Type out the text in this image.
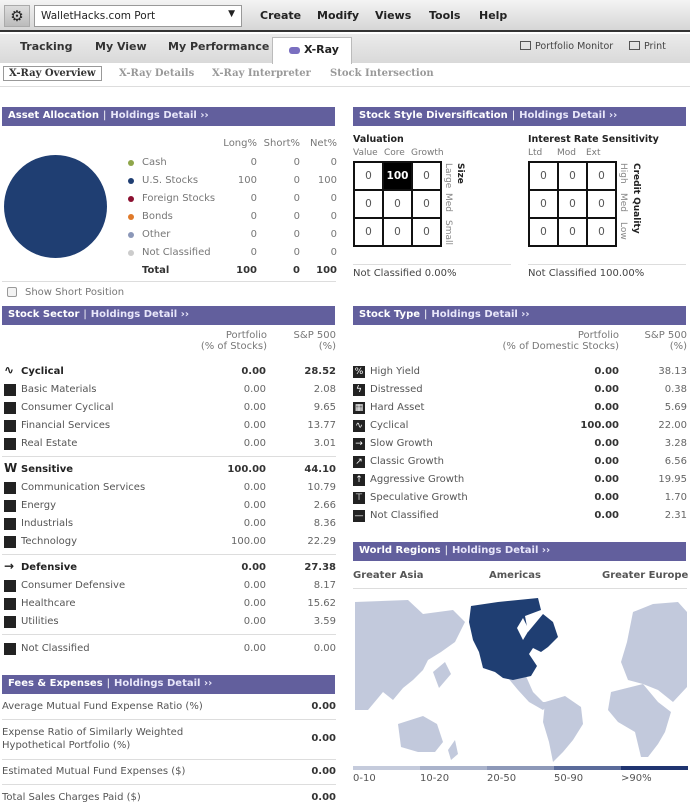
⚙	WalletHacks.com Port	▼ Create Modify Views Tools Help
Tracking My View My Performance	X-Ray	Portfolio Monitor	Print
X-Ray Overview	X-Ray Details X-Ray Interpreter Stock Intersection
Asset Allocation | Holdings Detail ››
Long% Short% Net%
Cash	0	0	0
U.S. Stocks	100	0	100
Foreign Stocks	0	0	0
Bonds	0	0	0
Other	0	0	0
Not Classified	0	0	0
Total	100	0	100
Show Short Position
Stock Style Diversification | Holdings Detail ››
Valuation
Value Core Growth
0	100	0
0	0	0
0	0	0
Large
Med
Small
Size
Not Classified 0.00%
Interest Rate Sensitivity
Ltd Mod Ext
0	0	0
0	0	0
0	0	0
High
Med
Low Credit Quality
Not Classified 100.00%
Stock Sector | Holdings Detail ››
Portfolio
(% of Stocks)
S&P 500
(%)
∿ Cyclical	0.00	28.52
Basic Materials	0.00	2.08
Consumer Cyclical	0.00	9.65
Financial Services	0.00	13.77
Real Estate	0.00	3.01
W Sensitive	100.00	44.10
Communication Services	0.00	10.79
Energy	0.00	2.66
Industrials	0.00	8.36
Technology	100.00	22.29
→ Defensive	0.00	27.38
Consumer Defensive	0.00	8.17
Healthcare	0.00	15.62
Utilities	0.00	3.59
Not Classified	0.00	0.00
Fees & Expenses | Holdings Detail ››
Average Mutual Fund Expense Ratio (%)	0.00
Expense Ratio of Similarly Weighted Hypothetical Portfolio (%)
0.00
Estimated Mutual Fund Expenses ($)	0.00
Total Sales Charges Paid ($)	0.00
Stock Type | Holdings Detail ››
Portfolio
(% of Domestic Stocks)
S&P 500
(%)
% High Yield	0.00	38.13
ϟ Distressed	0.00	0.38
▦ Hard Asset	0.00	5.69
∿ Cyclical	100.00	22.00
→ Slow Growth	0.00	3.28
↗ Classic Growth	0.00	6.56
↑ Aggressive Growth	0.00	19.95
⊤ Speculative Growth	0.00	1.70
— Not Classified	0.00	2.31
World Regions | Holdings Detail ››
Greater Asia	Americas	Greater Europe
0-10	10-20	20-50	50-90	>90%
